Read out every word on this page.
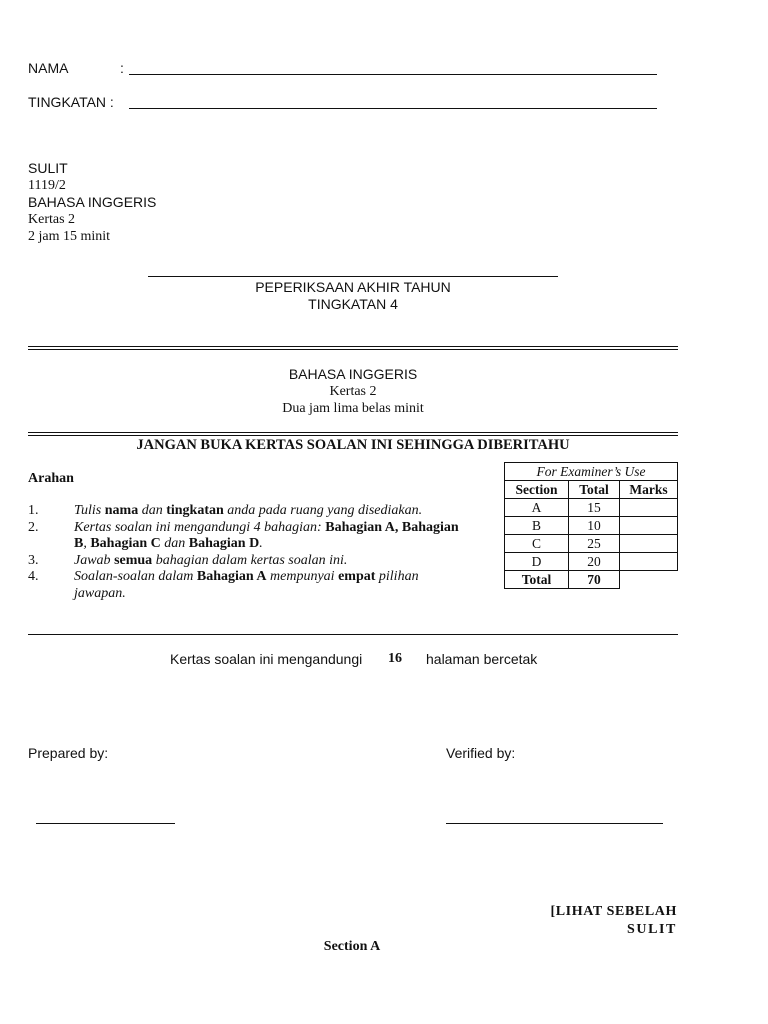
NAMA	:
TINGKATAN :
SULIT
1119/2
BAHASA INGGERIS
Kertas 2
2 jam 15 minit
PEPERIKSAAN AKHIR TAHUN
TINGKATAN 4
BAHASA INGGERIS
Kertas 2
Dua jam lima belas minit
JANGAN BUKA KERTAS SOALAN INI SEHINGGA DIBERITAHU
Arahan
1.	Tulis nama dan tingkatan anda pada ruang yang disediakan.
2.	Kertas soalan ini mengandungi 4 bahagian: Bahagian A, Bahagian B, Bahagian C dan Bahagian D.
3.	Jawab semua bahagian dalam kertas soalan ini.
4.	Soalan-soalan dalam Bahagian A mempunyai empat pilihan jawapan.
For Examiner’s Use		
Section	Total	Marks
A	15	
B	10	
C	25	
D	20	
Total	70	
Kertas soalan ini mengandungi 16 halaman bercetak
Prepared by:	Verified by:
[LIHAT SEBELAH
SULIT
Section A
